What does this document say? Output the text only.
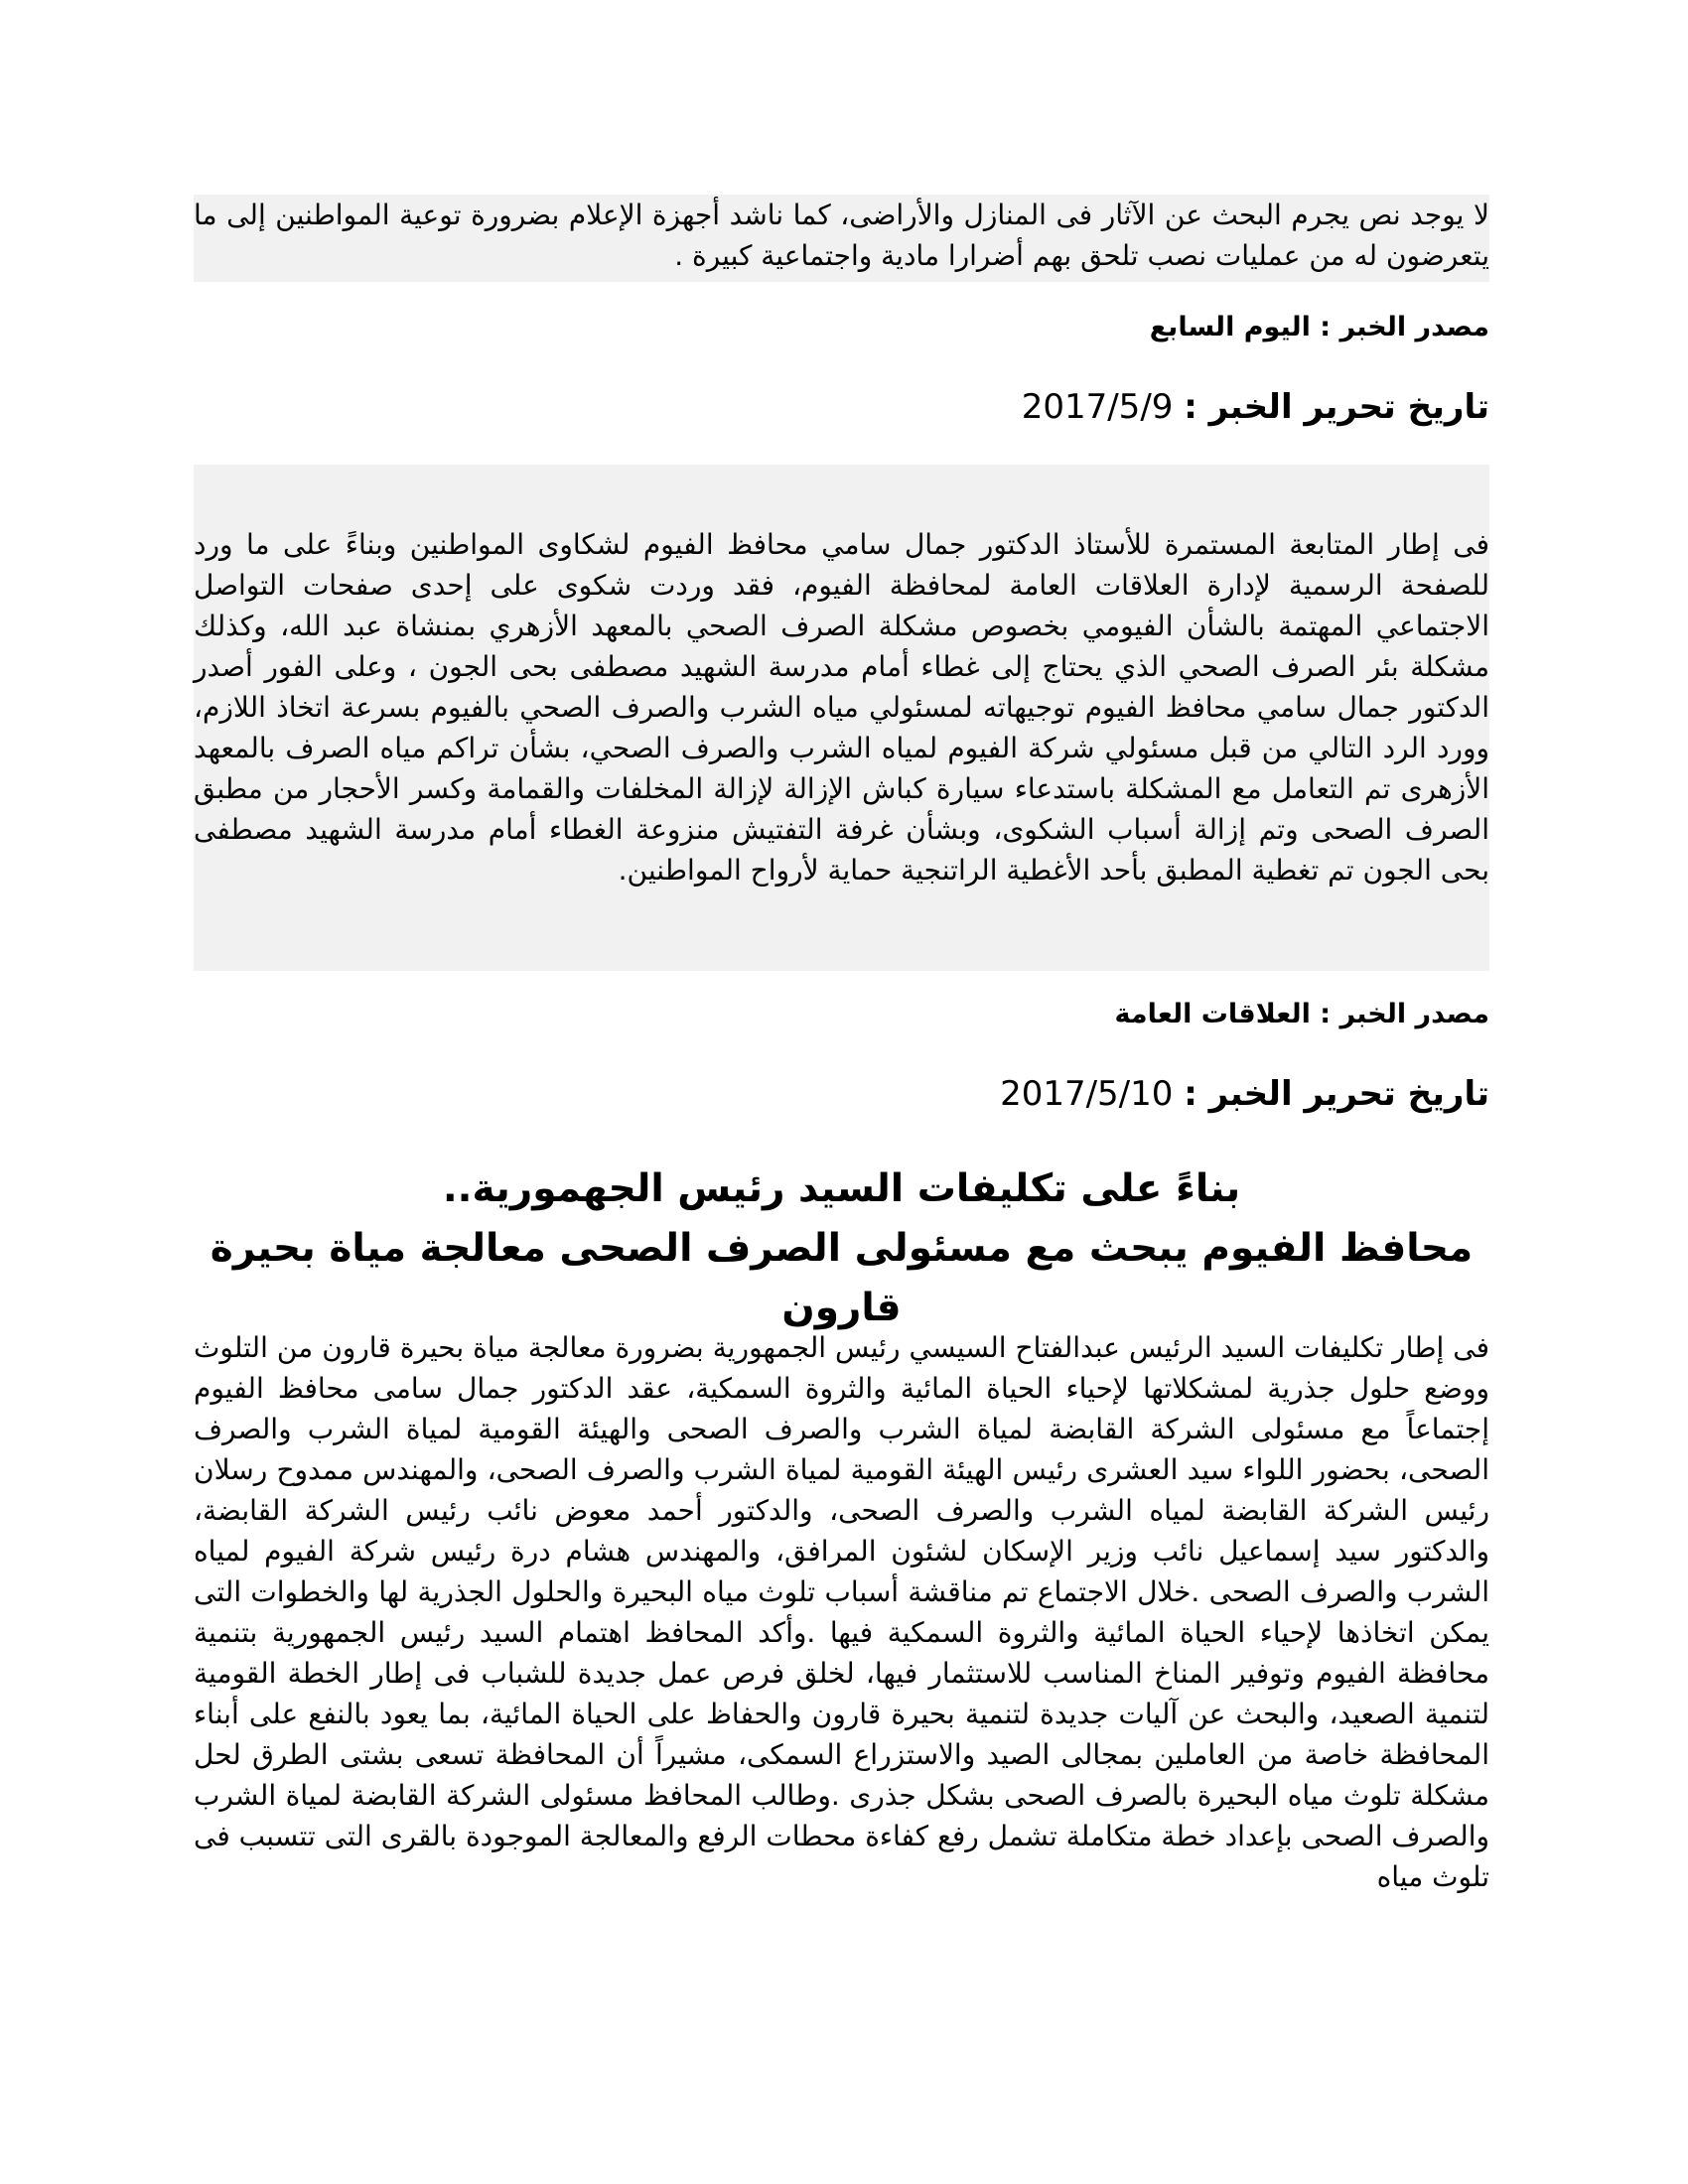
لا يوجد نص يجرم البحث عن الآثار فى المنازل والأراضى، كما ناشد أجهزة الإعلام بضرورة توعية المواطنين إلى ما يتعرضون له من عمليات نصب تلحق بهم أضرارا مادية واجتماعية كبيرة .

مصدر الخبر : اليوم السابع

تاريخ تحرير الخبر : 2017/5/9

فى إطار المتابعة المستمرة للأستاذ الدكتور جمال سامي محافظ الفيوم لشكاوى المواطنين وبناءً على ما ورد للصفحة الرسمية لإدارة العلاقات العامة لمحافظة الفيوم، فقد وردت شكوى على إحدى صفحات التواصل الاجتماعي المهتمة بالشأن الفيومي بخصوص مشكلة الصرف الصحي بالمعهد الأزهري بمنشاة عبد الله، وكذلك مشكلة بئر الصرف الصحي الذي يحتاج إلى غطاء أمام مدرسة الشهيد مصطفى بحى الجون ، وعلى الفور أصدر الدكتور جمال سامي محافظ الفيوم توجيهاته لمسئولي مياه الشرب والصرف الصحي بالفيوم بسرعة اتخاذ اللازم، وورد الرد التالي من قبل مسئولي شركة الفيوم لمياه الشرب والصرف الصحي، بشأن تراكم مياه الصرف بالمعهد الأزهرى تم التعامل مع المشكلة باستدعاء سيارة كباش الإزالة لإزالة المخلفات والقمامة وكسر الأحجار من مطبق الصرف الصحى وتم إزالة أسباب الشكوى، وبشأن غرفة التفتيش منزوعة الغطاء أمام مدرسة الشهيد مصطفى بحى الجون تم تغطية المطبق بأحد الأغطية الراتنجية حماية لأرواح المواطنين.

مصدر الخبر : العلاقات العامة

تاريخ تحرير الخبر : 2017/5/10

بناءً على تكليفات السيد رئيس الجهمورية..

محافظ الفيوم يبحث مع مسئولى الصرف الصحى معالجة مياة بحيرة قارون

فى إطار تكليفات السيد الرئيس عبدالفتاح السيسي رئيس الجمهورية بضرورة معالجة مياة بحيرة قارون من التلوث ووضع حلول جذرية لمشكلاتها لإحياء الحياة المائية والثروة السمكية، عقد الدكتور جمال سامى محافظ الفيوم إجتماعاً مع مسئولى الشركة القابضة لمياة الشرب والصرف الصحى والهيئة القومية لمياة الشرب والصرف الصحى، بحضور اللواء سيد العشرى رئيس الهيئة القومية لمياة الشرب والصرف الصحى، والمهندس ممدوح رسلان رئيس الشركة القابضة لمياه الشرب والصرف الصحى، والدكتور أحمد معوض نائب رئيس الشركة القابضة، والدكتور سيد إسماعيل نائب وزير الإسكان لشئون المرافق، والمهندس هشام درة رئيس شركة الفيوم لمياه الشرب والصرف الصحى .خلال الاجتماع تم مناقشة أسباب تلوث مياه البحيرة والحلول الجذرية لها والخطوات التى يمكن اتخاذها لإحياء الحياة المائية والثروة السمكية فيها .وأكد المحافظ اهتمام السيد رئيس الجمهورية بتنمية محافظة الفيوم وتوفير المناخ المناسب للاستثمار فيها، لخلق فرص عمل جديدة للشباب فى إطار الخطة القومية لتنمية الصعيد، والبحث عن آليات جديدة لتنمية بحيرة قارون والحفاظ على الحياة المائية، بما يعود بالنفع على أبناء المحافظة خاصة من العاملين بمجالى الصيد والاستزراع السمكى، مشيراً أن المحافظة تسعى بشتى الطرق لحل مشكلة تلوث مياه البحيرة بالصرف الصحى بشكل جذرى .وطالب المحافظ مسئولى الشركة القابضة لمياة الشرب والصرف الصحى بإعداد خطة متكاملة تشمل رفع كفاءة محطات الرفع والمعالجة الموجودة بالقرى التى تتسبب فى تلوث مياه
